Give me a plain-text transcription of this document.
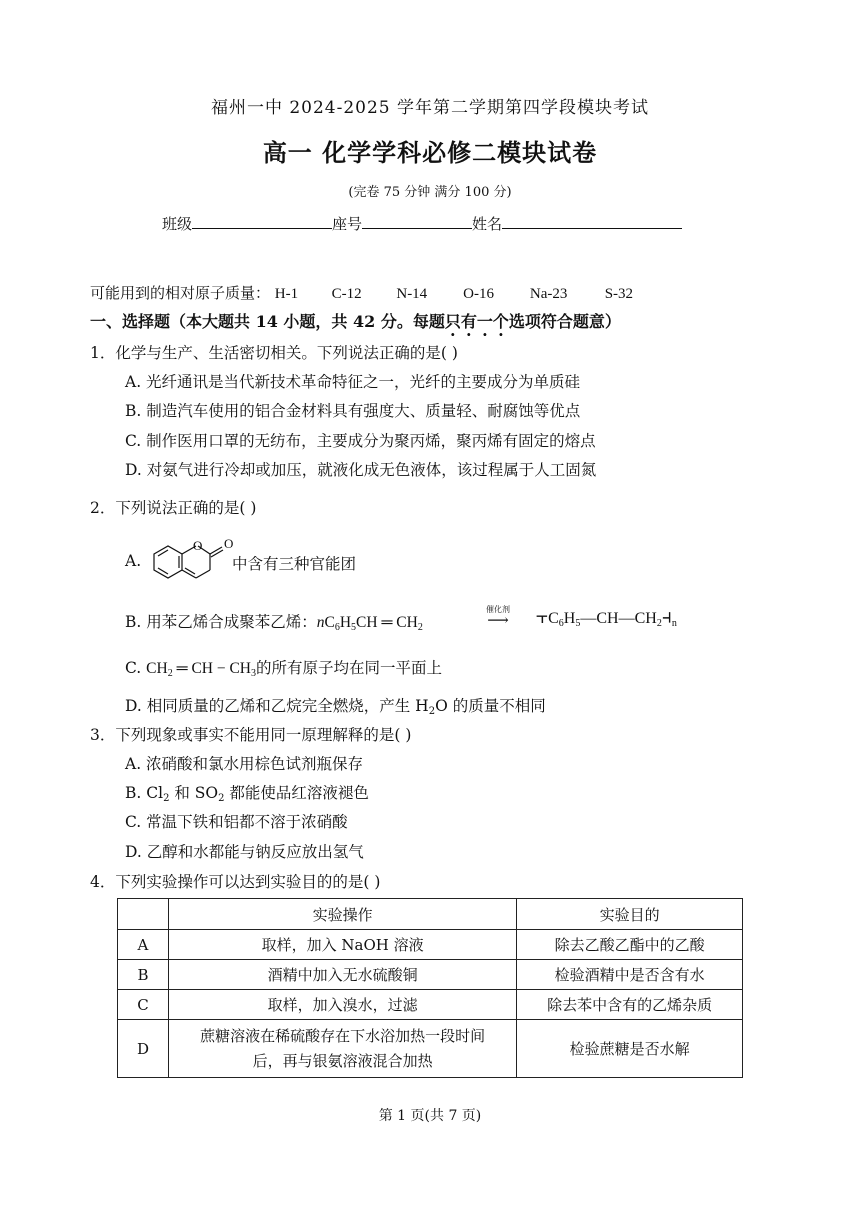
福州一中 2024-2025 学年第二学期第四学段模块考试
高一 化学学科必修二模块试卷
(完卷 75 分钟 满分 100 分)
班级	座号	姓名
可能用到的相对原子质量： H-1 C-12 N-14 O-16 Na-23 S-32
一、选择题（本大题共 14 小题，共 42 分。每题只有一个选项符合题意）
1．化学与生产、生活密切相关。下列说法正确的是( )
A. 光纤通讯是当代新技术革命特征之一，光纤的主要成分为单质硅
B. 制造汽车使用的铝合金材料具有强度大、质量轻、耐腐蚀等优点
C. 制作医用口罩的无纺布，主要成分为聚丙烯，聚丙烯有固定的熔点
D. 对氨气进行冷却或加压，就液化成无色液体，该过程属于人工固氮
2．下列说法正确的是( )
A.
O O
中含有三种官能团
B. 用苯乙烯合成聚苯乙烯：$nC_6H_5CH$ ═ $CH_2$
催化剂
⟶	$⫟C_6H_5—CH—CH_2⫞_n$
C. $CH_2$ ═ CH − $CH_3$的所有原子均在同一平面上
D. 相同质量的乙烯和乙烷完全燃烧，产生 $H_2O$ 的质量不相同
3．下列现象或事实不能用同一原理解释的是( )
A. 浓硝酸和氯水用棕色试剂瓶保存
B. $Cl_2$ 和 $SO_2$ 都能使品红溶液褪色
C. 常温下铁和铝都不溶于浓硝酸
D. 乙醇和水都能与钠反应放出氢气
4．下列实验操作可以达到实验目的的是( )
	实验操作	实验目的
A	取样，加入 NaOH 溶液	除去乙酸乙酯中的乙酸
B	酒精中加入无水硫酸铜	检验酒精中是否含有水
C	取样，加入溴水，过滤	除去苯中含有的乙烯杂质
D	蔗糖溶液在稀硫酸存在下水浴加热一段时间
后，再与银氨溶液混合加热	检验蔗糖是否水解
第 1 页(共 7 页)
